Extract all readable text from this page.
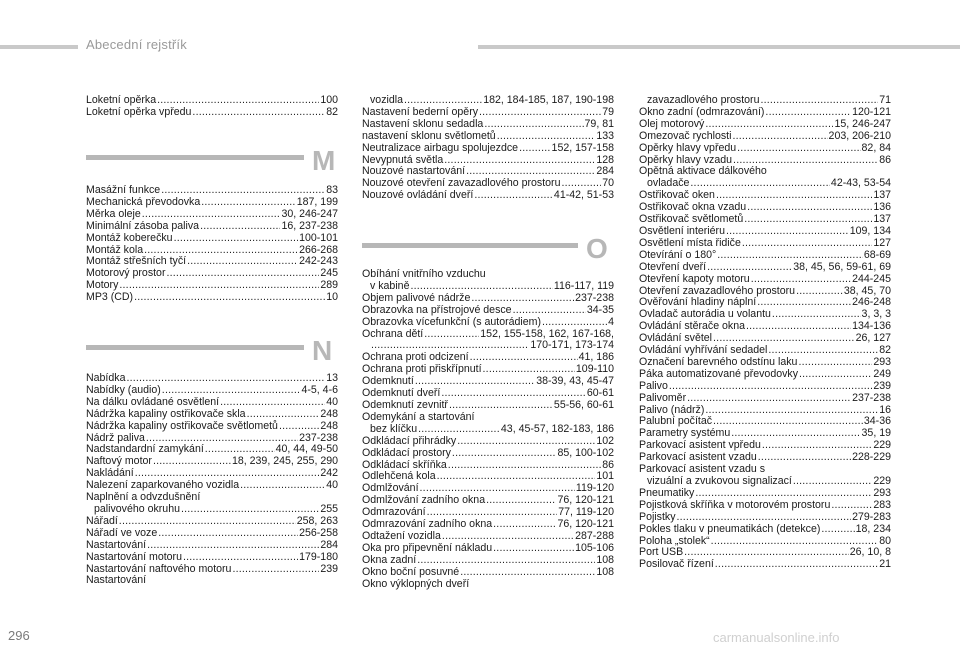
Abecední rejstřík
Loketní opěrka .....	100
Loketní opěrka vpředu .....	82
M
Masážní funkce .....	83
Mechanická převodovka .....	187, 199
Měrka oleje .....	30, 246-247
Minimální zásoba paliva .....	16, 237-238
Montáž koberečku .....	100-101
Montáž kola .....	266-268
Montáž střešních tyčí .....	242-243
Motorový prostor .....	245
Motory .....	289
MP3 (CD) .....	10
N
Nabídka .....	13
Nabídky (audio) .....	4-5, 4-6
Na dálku ovládané osvětlení .....	40
Nádržka kapaliny ostřikovače skla .....	248
Nádržka kapaliny ostřikovače světlometů .....	248
Nádrž paliva .....	237-238
Nadstandardní zamykání .....	40, 44, 49-50
Naftový motor .....	18, 239, 245, 255, 290
Nakládání .....	242
Nalezení zaparkovaného vozidla .....	40
Naplnění a odvzdušnění
palivového okruhu .....	255
Nářadí .....	258, 263
Nářadí ve voze .....	256-258
Nastartování .....	284
Nastartování motoru .....	179-180
Nastartování naftového motoru .....	239
Nastartování
vozidla .....	182, 184-185, 187, 190-198
Nastavení bederní opěry .....	79
Nastavení sklonu sedadla .....	79, 81
nastavení sklonu světlometů .....	133
Neutralizace airbagu spolujezdce .....	152, 157-158
Nevypnutá světla .....	128
Nouzové nastartování .....	284
Nouzové otevření zavazadlového prostoru .....	70
Nouzové ovládání dveří .....	41-42, 51-53
O
Obíhání vnitřního vzduchu
v kabině .....	116-117, 119
Objem palivové nádrže .....	237-238
Obrazovka na přístrojové desce .....	34-35
Obrazovka vícefunkční (s autorádiem) .....	4
Ochrana dětí .....	152, 155-158, 162, 167-168,
.....
170-171, 173-174
Ochrana proti odcizení .....	41, 186
Ochrana proti přiskřípnutí .....	109-110
Odemknutí .....	38-39, 43, 45-47
Odemknutí dveří .....	60-61
Odemknutí zevnitř .....	55-56, 60-61
Odemykání a startování
bez klíčku .....	43, 45-57, 182-183, 186
Odkládací přihrádky .....	102
Odkládací prostory .....	85, 100-102
Odkládací skříňka .....	86
Odlehčená kola .....	101
Odmlžování .....	119-120
Odmlžování zadního okna .....	76, 120-121
Odmrazování .....	77, 119-120
Odmrazování zadního okna .....	76, 120-121
Odtažení vozidla .....	287-288
Oka pro připevnění nákladu .....	105-106
Okna zadní .....	108
Okno boční posuvné .....	108
Okno výklopných dveří
zavazadlového prostoru .....	71
Okno zadní (odmrazování) .....	120-121
Olej motorový .....	15, 246-247
Omezovač rychlosti .....	203, 206-210
Opěrky hlavy vpředu .....	82, 84
Opěrky hlavy vzadu .....	86
Opětná aktivace dálkového
ovladače .....	42-43, 53-54
Ostřikovač oken .....	137
Ostřikovač okna vzadu .....	136
Ostřikovač světlometů .....	137
Osvětlení interiéru .....	109, 134
Osvětlení místa řidiče .....	127
Otevírání o 180° .....	68-69
Otevření dveří .....	38, 45, 56, 59-61, 69
Otevření kapoty motoru .....	244-245
Otevření zavazadlového prostoru .....	38, 45, 70
Ověřování hladiny náplní .....	246-248
Ovladač autorádia u volantu .....	3, 3, 3
Ovládání stěrače okna .....	134-136
Ovládání světel .....	26, 127
Ovládání vyhřívání sedadel .....	82
Označení barevného odstínu laku .....	293
Páka automatizované převodovky .....	249
Palivo .....	239
Palivoměr .....	237-238
Palivo (nádrž) .....	16
Palubní počítač .....	34-36
Parametry systému .....	35, 19
Parkovací asistent vpředu .....	229
Parkovací asistent vzadu .....	228-229
Parkovací asistent vzadu s
vizuální a zvukovou signalizací .....	229
Pneumatiky .....	293
Pojistková skříňka v motorovém prostoru .....	283
Pojistky .....	279-283
Pokles tlaku v pneumatikách (detekce) .....	18, 234
Poloha „stolek“ .....	80
Port USB .....	26, 10, 8
Posilovač řízení .....	21
296	carmanualsonline.info
